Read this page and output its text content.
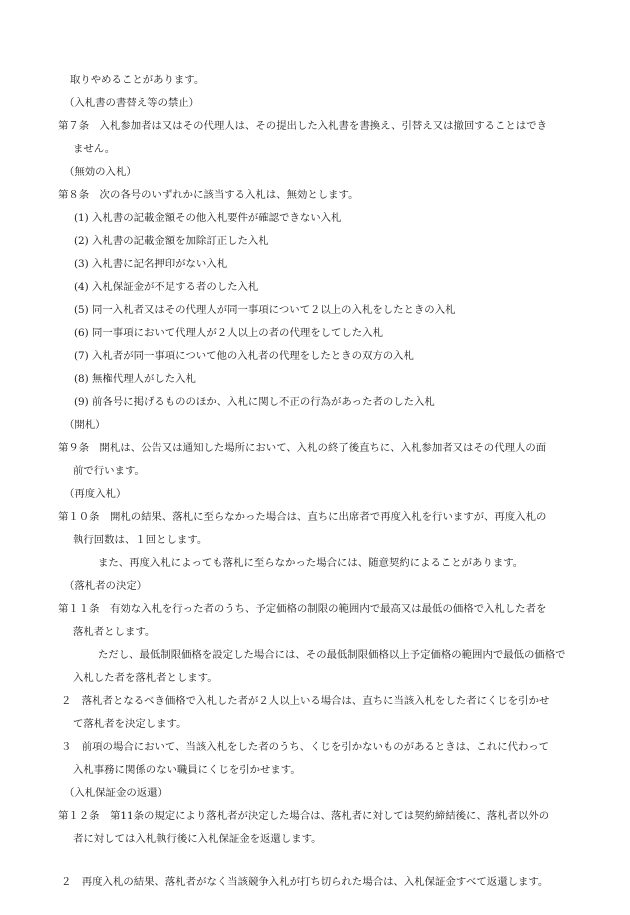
取りやめることがあります。
（入札書の書替え等の禁止）
第７条　入札参加者は又はその代理人は、その提出した入札書を書換え、引替え又は撤回することはでき
ません。
（無効の入札）
第８条　次の各号のいずれかに該当する入札は、無効とします。
(1) 入札書の記載金額その他入札要件が確認できない入札
(2) 入札書の記載金額を加除訂正した入札
(3) 入札書に記名押印がない入札
(4) 入札保証金が不足する者のした入札
(5) 同一入札者又はその代理人が同一事項について２以上の入札をしたときの入札
(6) 同一事項において代理人が２人以上の者の代理をしてした入札
(7) 入札者が同一事項について他の入札者の代理をしたときの双方の入札
(8) 無権代理人がした入札
(9) 前各号に掲げるもののほか、入札に関し不正の行為があった者のした入札
（開札）
第９条　開札は、公告又は通知した場所において、入札の終了後直ちに、入札参加者又はその代理人の面
前で行います。
（再度入札）
第１０条　開札の結果、落札に至らなかった場合は、直ちに出席者で再度入札を行いますが、再度入札の
執行回数は、１回とします。
また、再度入札によっても落札に至らなかった場合には、随意契約によることがあります。
（落札者の決定）
第１１条　有効な入札を行った者のうち、予定価格の制限の範囲内で最高又は最低の価格で入札した者を
落札者とします。
ただし、最低制限価格を設定した場合には、その最低制限価格以上予定価格の範囲内で最低の価格で
入札した者を落札者とします。
２　落札者となるべき価格で入札した者が２人以上いる場合は、直ちに当該入札をした者にくじを引かせ
て落札者を決定します。
３　前項の場合において、当該入札をした者のうち、くじを引かないものがあるときは、これに代わって
入札事務に関係のない職員にくじを引かせます。
（入札保証金の返還）
第１２条　第11条の規定により落札者が決定した場合は、落札者に対しては契約締結後に、落札者以外の
者に対しては入札執行後に入札保証金を返還します。
２　再度入札の結果、落札者がなく当該競争入札が打ち切られた場合は、入札保証金すべて返還します。
